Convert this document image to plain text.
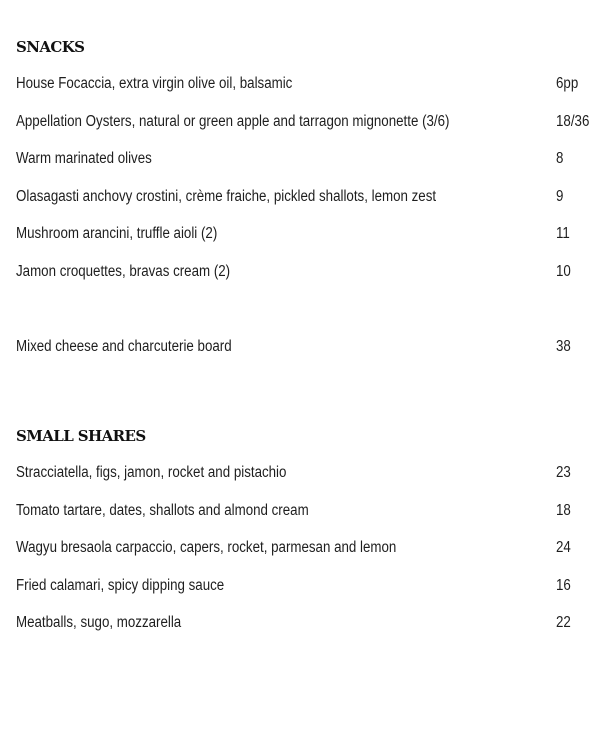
SNACKS
House Focaccia, extra virgin olive oil, balsamic	6pp
Appellation Oysters, natural or green apple and tarragon mignonette (3/6)	18/36
Warm marinated olives	8
Olasagasti anchovy crostini, crème fraiche, pickled shallots, lemon zest	9
Mushroom arancini, truffle aioli (2)	11
Jamon croquettes, bravas cream (2)	10
Mixed cheese and charcuterie board	38
SMALL SHARES
Stracciatella, figs, jamon, rocket and pistachio	23
Tomato tartare, dates, shallots and almond cream	18
Wagyu bresaola carpaccio, capers, rocket, parmesan and lemon	24
Fried calamari, spicy dipping sauce	16
Meatballs, sugo, mozzarella	22
